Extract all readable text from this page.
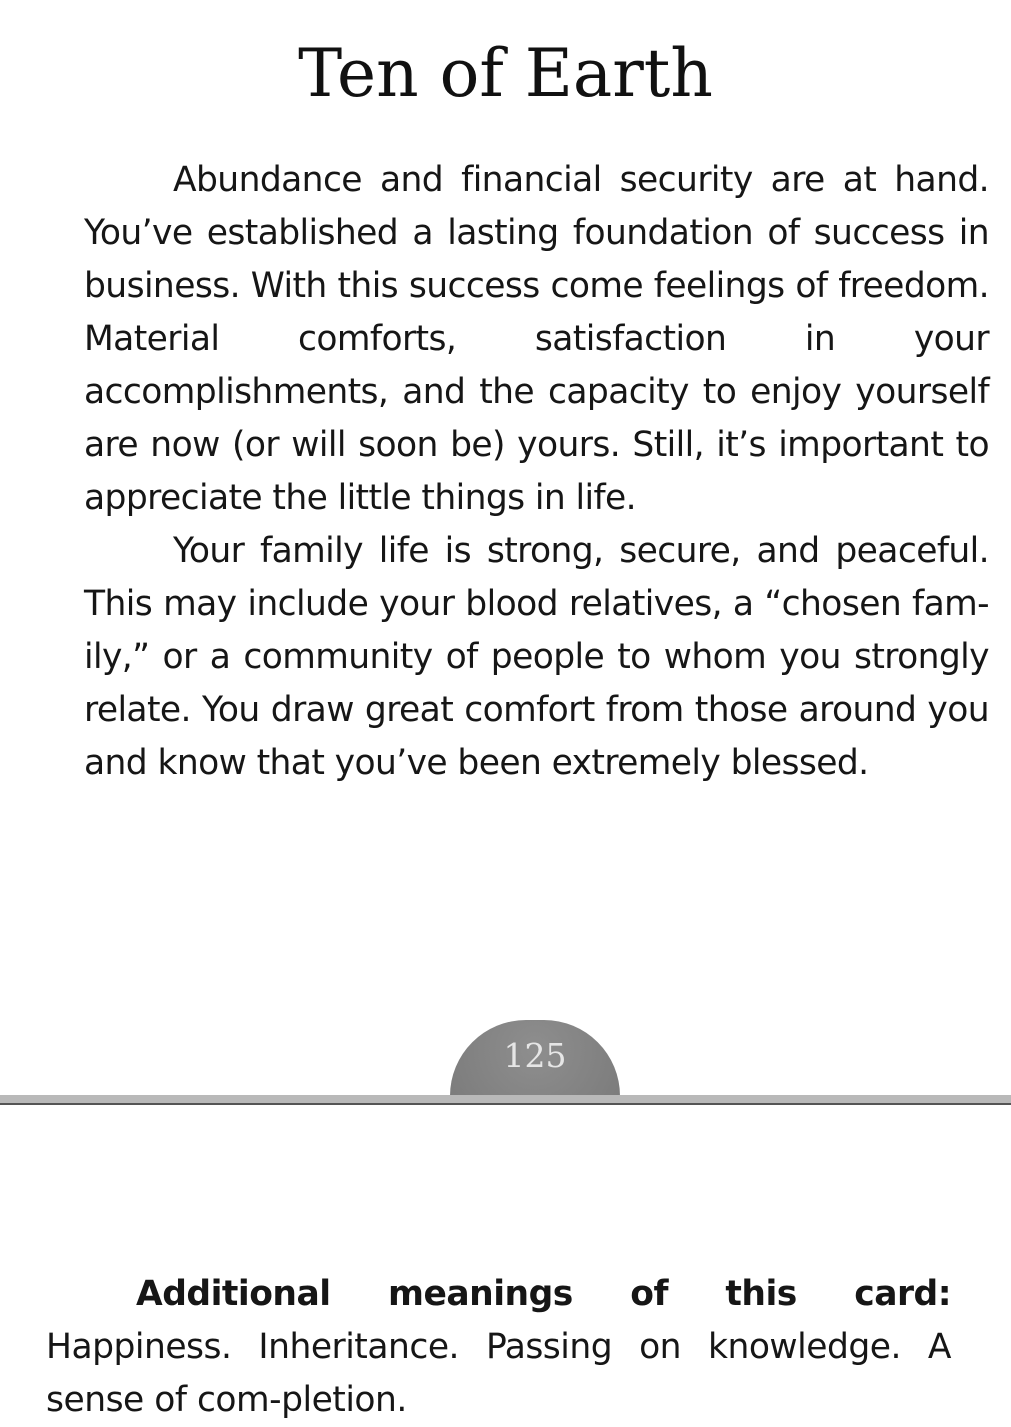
Ten of Earth

Abundance and financial security are at hand. You’ve established a lasting foundation of success in business. With this success come feelings of freedom. Material comforts, satisfaction in your accomplishments, and the capacity to enjoy yourself are now (or will soon be) yours. Still, it’s important to appreciate the little things in life.

Your family life is strong, secure, and peaceful. This may include your blood relatives, a “chosen fam-ily,” or a community of people to whom you strongly relate. You draw great comfort from those around you and know that you’ve been extremely blessed.

125
Additional meanings of this card: Happiness. Inheritance. Passing on knowledge. A sense of com-pletion.
